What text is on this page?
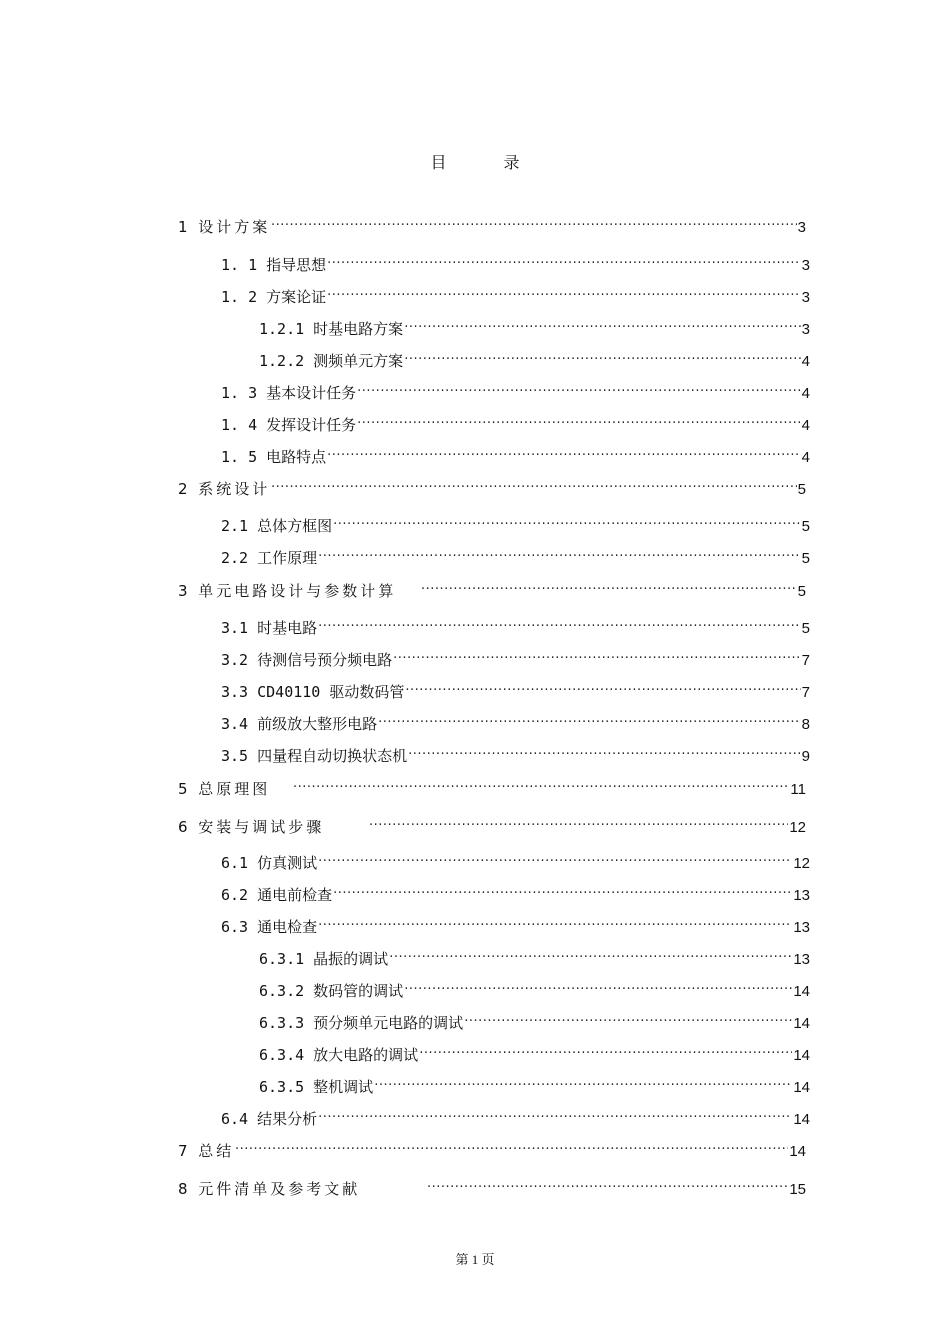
目 录
1 设计方案 .....	3
1. 1 指导思想 .....	3
1. 2 方案论证 .....	3
1.2.1 时基电路方案 .....	3
1.2.2 测频单元方案 .....	4
1. 3 基本设计任务 .....	4
1. 4 发挥设计任务 .....	4
1. 5 电路特点 .....	4
2 系统设计 .....	5
2.1 总体方框图 .....	5
2.2 工作原理 .....	5
3 单元电路设计与参数计算 .....	5
3.1 时基电路 .....	5
3.2 待测信号预分频电路 .....	7
3.3 CD40110 驱动数码管 .....	7
3.4 前级放大整形电路 .....	8
3.5 四量程自动切换状态机 .....	9
5 总原理图 .....	11
6 安装与调试步骤 .....	12
6.1 仿真测试 .....	12
6.2 通电前检查 .....	13
6.3 通电检查 .....	13
6.3.1 晶振的调试 .....	13
6.3.2 数码管的调试 .....	14
6.3.3 预分频单元电路的调试 .....	14
6.3.4 放大电路的调试 .....	14
6.3.5 整机调试 .....	14
6.4 结果分析 .....	14
7 总结 .....	14
8 元件清单及参考文献 .....	15
第 1 页
